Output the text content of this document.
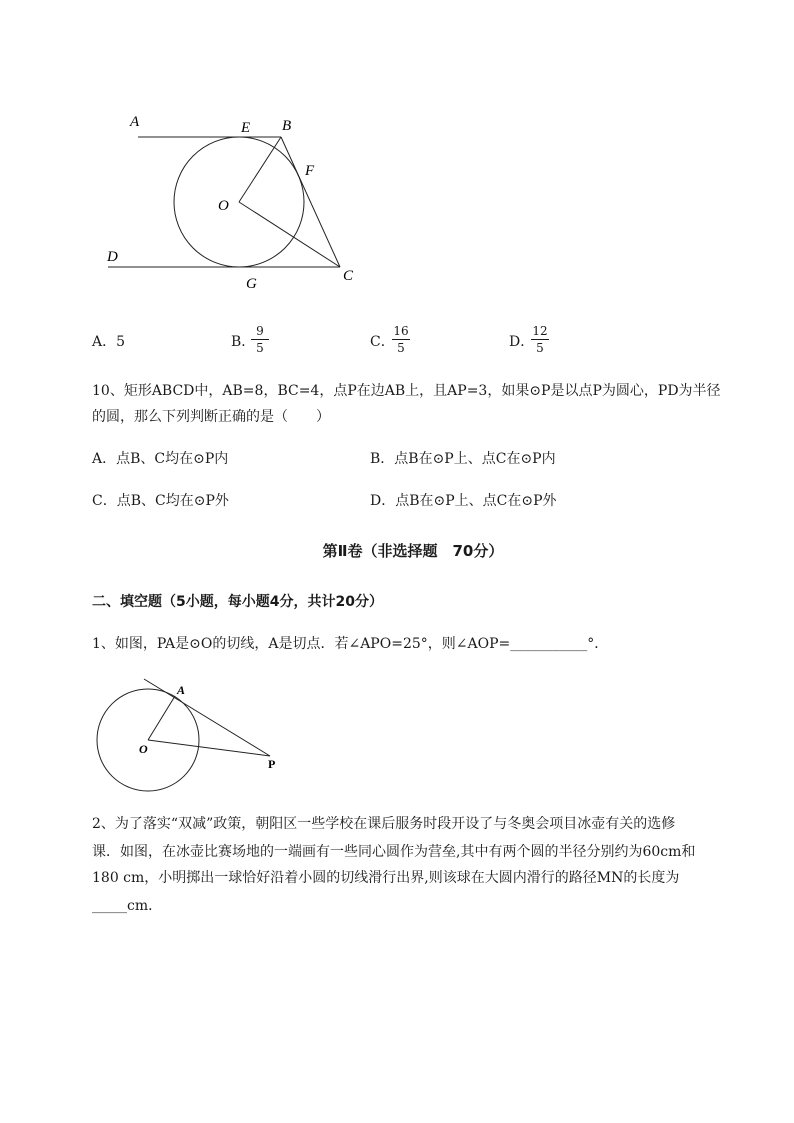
A	E B
F
O
D
G	C
A．5	B．
9
5	C．
16
5	D．
12
5
10、矩形ABCD中，AB=8，BC=4，点P在边AB上，且AP=3，如果⊙P是以点P为圆心，PD为半径
的圆，那么下列判断正确的是（　　）
A．点B、C均在⊙P内	B．点B在⊙P上、点C在⊙P内
C．点B、C均在⊙P外	D．点B在⊙P上、点C在⊙P外
第Ⅱ卷（非选择题　70分）
二、填空题（5小题，每小题4分，共计20分）
1、如图，PA是⊙O的切线，A是切点．若∠APO=25°，则∠AOP=___________°．
A
O
P
2、为了落实“双减”政策，朝阳区一些学校在课后服务时段开设了与冬奥会项目冰壶有关的选修
课．如图，在冰壶比赛场地的一端画有一些同心圆作为营垒,其中有两个圆的半径分别约为60cm和
180 cm，小明掷出一球恰好沿着小圆的切线滑行出界,则该球在大圆内滑行的路径MN的长度为
_____cm．
